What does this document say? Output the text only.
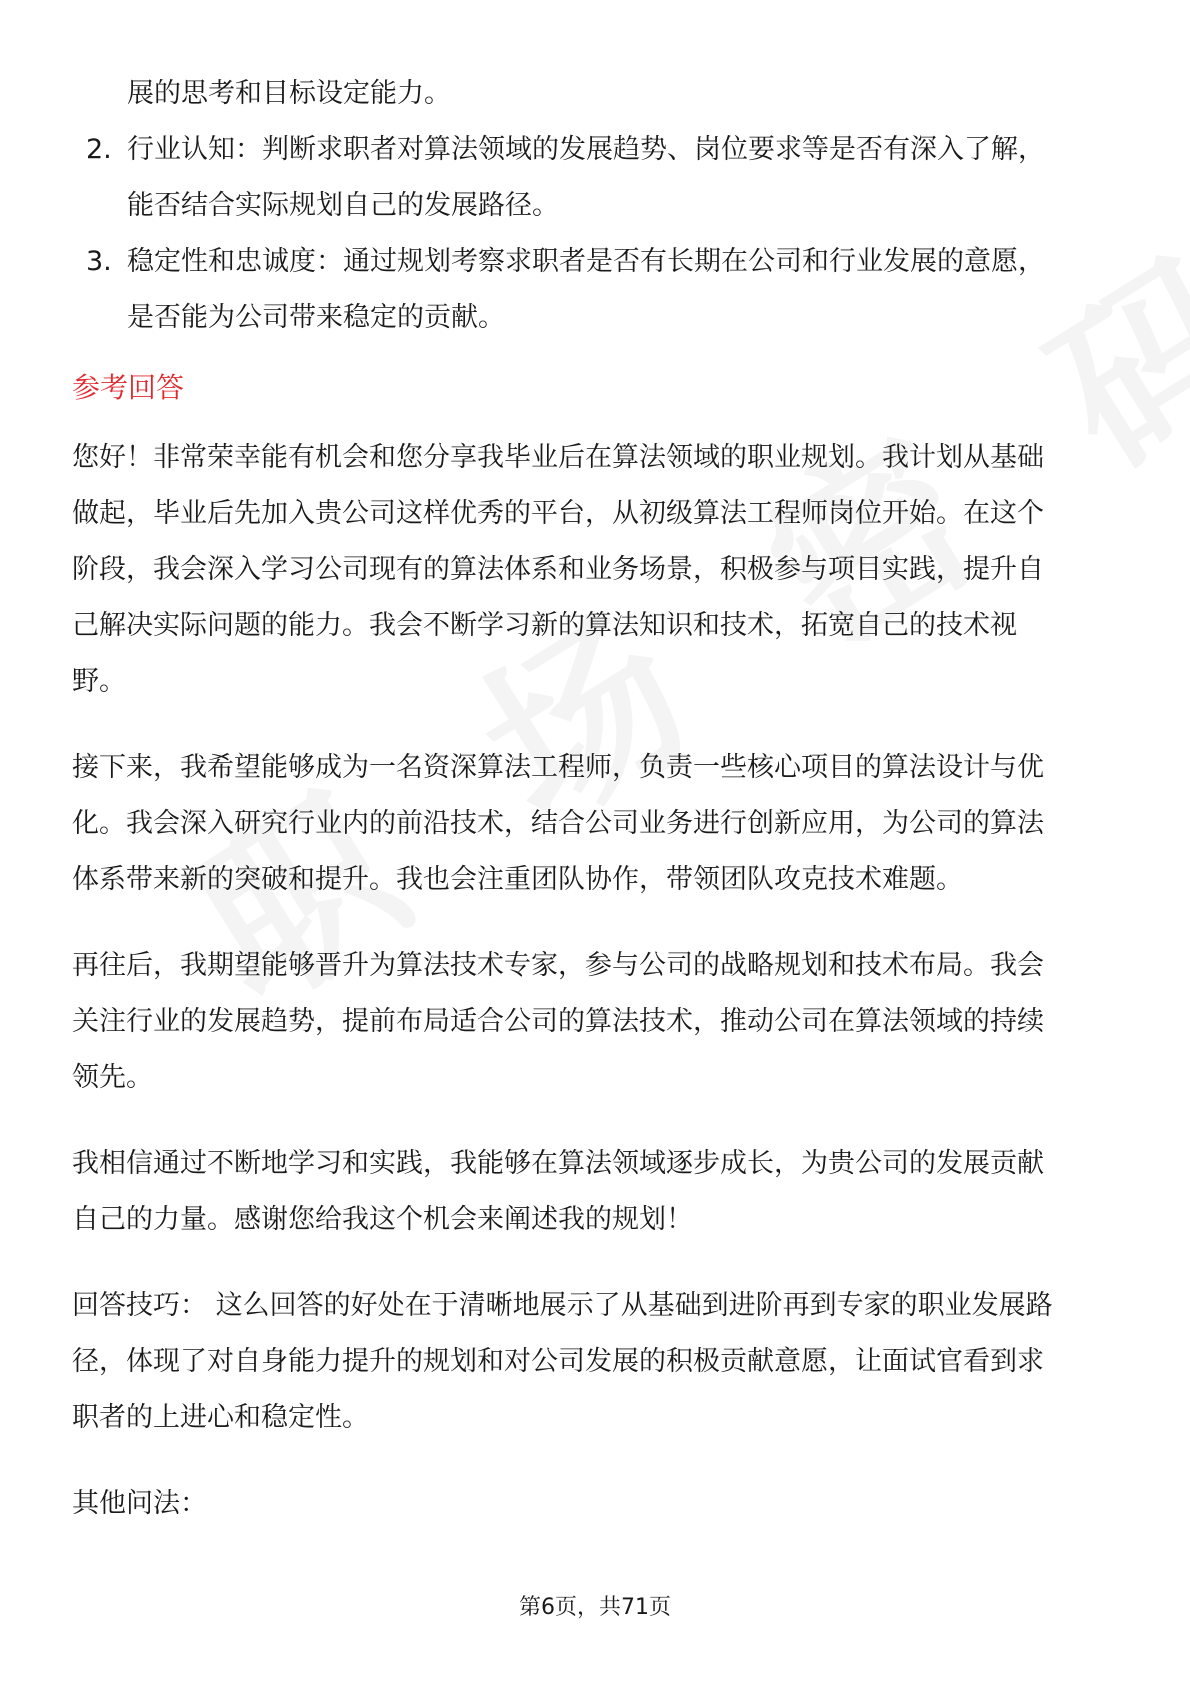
展的思考和目标设定能力。
2. 行业认知：判断求职者对算法领域的发展趋势、岗位要求等是否有深入了解，
能否结合实际规划自己的发展路径。
3. 稳定性和忠诚度：通过规划考察求职者是否有长期在公司和行业发展的意愿，
是否能为公司带来稳定的贡献。
参考回答
您好！非常荣幸能有机会和您分享我毕业后在算法领域的职业规划。我计划从基础
做起，毕业后先加入贵公司这样优秀的平台，从初级算法工程师岗位开始。在这个
阶段，我会深入学习公司现有的算法体系和业务场景，积极参与项目实践，提升自
己解决实际问题的能力。我会不断学习新的算法知识和技术，拓宽自己的技术视
野。
接下来，我希望能够成为一名资深算法工程师，负责一些核心项目的算法设计与优
化。我会深入研究行业内的前沿技术，结合公司业务进行创新应用，为公司的算法
体系带来新的突破和提升。我也会注重团队协作，带领团队攻克技术难题。
再往后，我期望能够晋升为算法技术专家，参与公司的战略规划和技术布局。我会
关注行业的发展趋势，提前布局适合公司的算法技术，推动公司在算法领域的持续
领先。
我相信通过不断地学习和实践，我能够在算法领域逐步成长，为贵公司的发展贡献
自己的力量。感谢您给我这个机会来阐述我的规划！
回答技巧： 这么回答的好处在于清晰地展示了从基础到进阶再到专家的职业发展路
径，体现了对自身能力提升的规划和对公司发展的积极贡献意愿，让面试官看到求
职者的上进心和稳定性。
其他问法：
第6页，共71页
